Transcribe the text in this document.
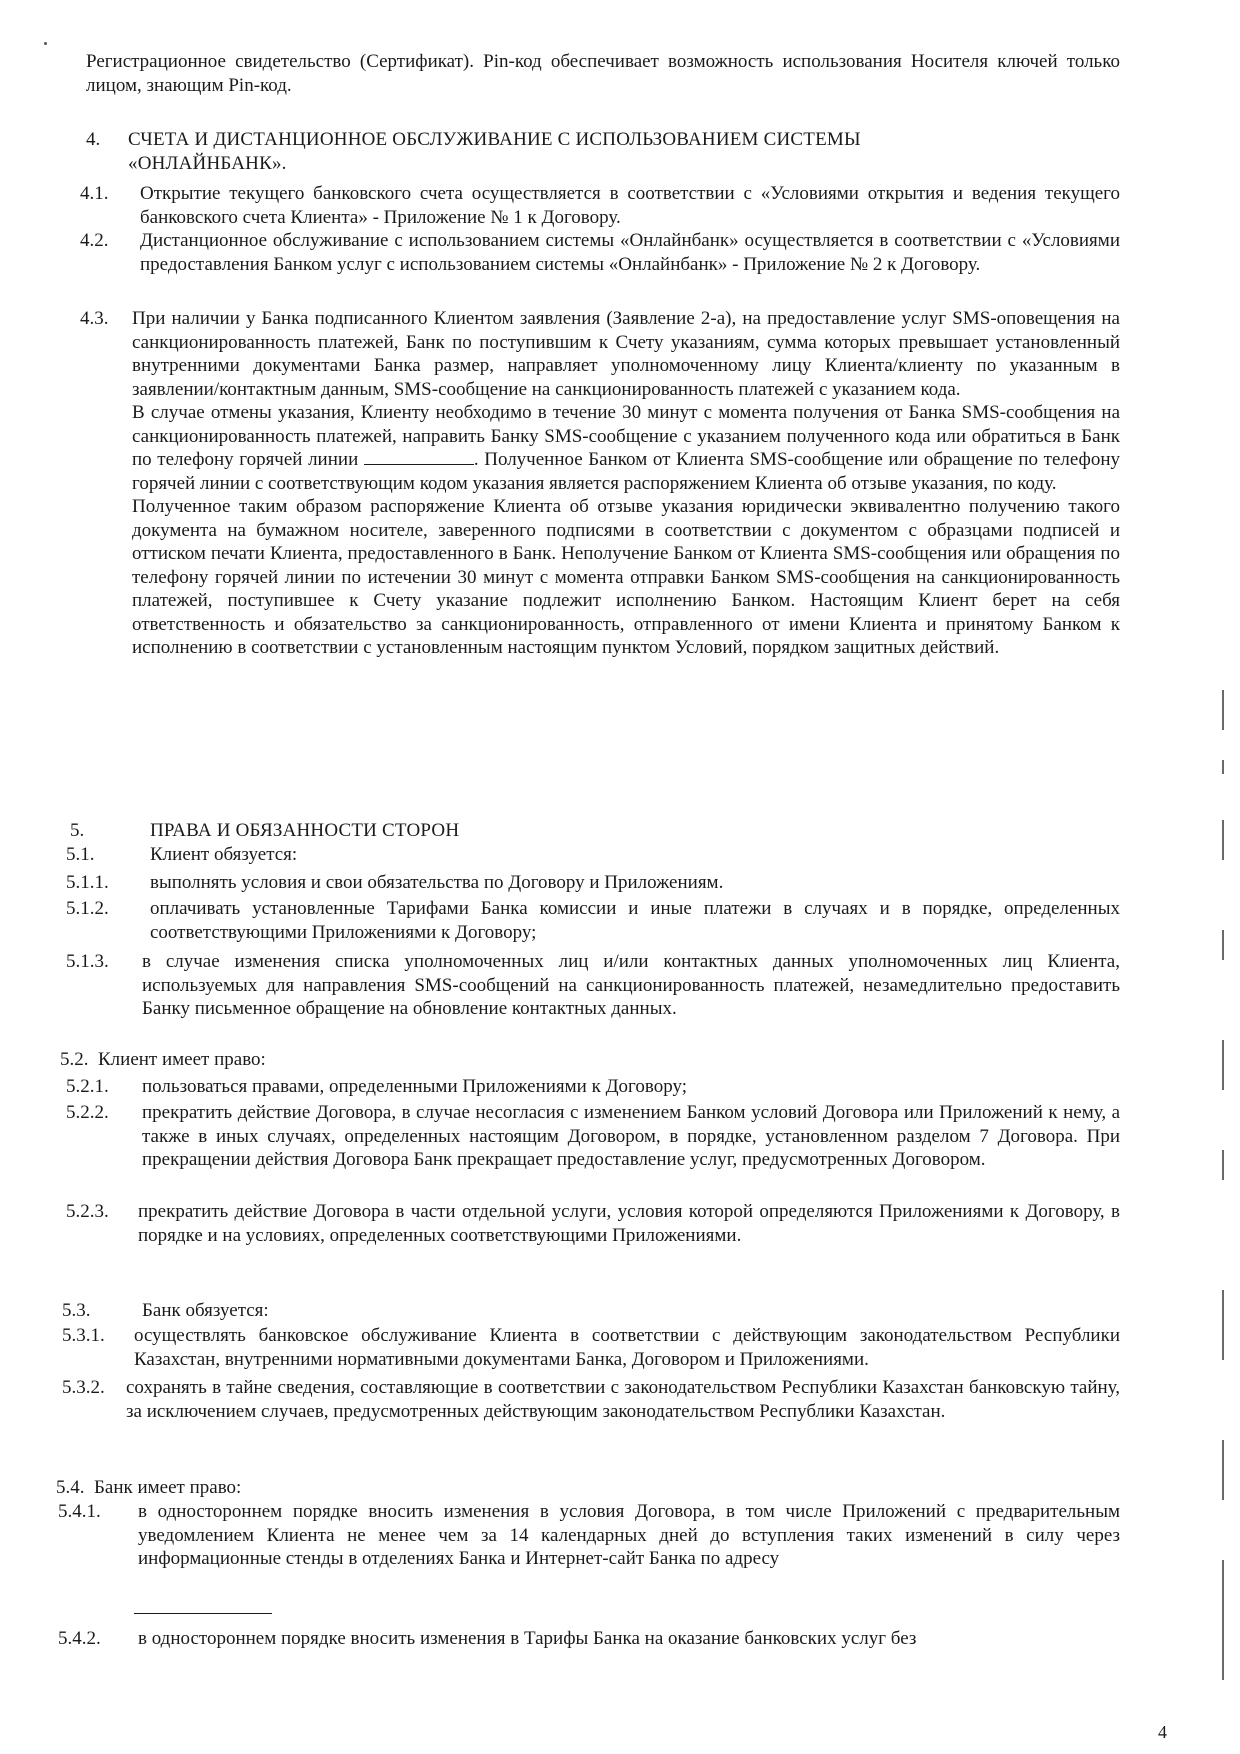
Регистрационное свидетельство (Сертификат). Pin-код обеспечивает возможность использования Носителя ключей только лицом, знающим Pin-код.
4.	СЧЕТА И ДИСТАНЦИОННОЕ ОБСЛУЖИВАНИЕ С ИСПОЛЬЗОВАНИЕМ СИСТЕМЫ «ОНЛАЙНБАНК».
4.1.	Открытие текущего банковского счета осуществляется в соответствии с «Условиями открытия и ведения текущего банковского счета Клиента» - Приложение № 1 к Договору.
4.2.	Дистанционное обслуживание с использованием системы «Онлайнбанк» осуществляется в соответствии с «Условиями предоставления Банком услуг с использованием системы «Онлайнбанк» - Приложение № 2 к Договору.
4.3.	При наличии у Банка подписанного Клиентом заявления (Заявление 2-а), на предоставление услуг SMS-оповещения на санкционированность платежей, Банк по поступившим к Счету указаниям, сумма которых превышает установленный внутренними документами Банка размер, направляет уполномоченному лицу Клиента/клиенту по указанным в заявлении/контактным данным, SMS-сообщение на санкционированность платежей с указанием кода.

В случае отмены указания, Клиенту необходимо в течение 30 минут с момента получения от Банка SMS-сообщения на санкционированность платежей, направить Банку SMS-сообщение с указанием полученного кода или обратиться в Банк по телефону горячей линии	. Полученное Банком от Клиента SMS-сообщение или обращение по телефону горячей линии с соответствующим кодом указания является распоряжением Клиента об отзыве указания, по коду.

Полученное таким образом распоряжение Клиента об отзыве указания юридически эквивалентно получению такого документа на бумажном носителе, заверенного подписями в соответствии с документом с образцами подписей и оттиском печати Клиента, предоставленного в Банк. Неполучение Банком от Клиента SMS-сообщения или обращения по телефону горячей линии по истечении 30 минут с момента отправки Банком SMS-сообщения на санкционированность платежей, поступившее к Счету указание подлежит исполнению Банком. Настоящим Клиент берет на себя ответственность и обязательство за санкционированность, отправленного от имени Клиента и принятому Банком к исполнению в соответствии с установленным настоящим пунктом Условий, порядком защитных действий.

5.	ПРАВА И ОБЯЗАННОСТИ СТОРОН
5.1.	Клиент обязуется:
5.1.1.	выполнять условия и свои обязательства по Договору и Приложениям.
5.1.2.	оплачивать установленные Тарифами Банка комиссии и иные платежи в случаях и в порядке, определенных соответствующими Приложениями к Договору;
5.1.3.	в случае изменения списка уполномоченных лиц и/или контактных данных уполномоченных лиц Клиента, используемых для направления SMS-сообщений на санкционированность платежей, незамедлительно предоставить Банку письменное обращение на обновление контактных данных.
5.2.  Клиент имеет право:
5.2.1.	пользоваться правами, определенными Приложениями к Договору;
5.2.2.	прекратить действие Договора, в случае несогласия с изменением Банком условий Договора или Приложений к нему, а также в иных случаях, определенных настоящим Договором, в порядке, установленном разделом 7 Договора. При прекращении действия Договора Банк прекращает предоставление услуг, предусмотренных Договором.
5.2.3.	прекратить действие Договора в части отдельной услуги, условия которой определяются Приложениями к Договору, в порядке и на условиях, определенных соответствующими Приложениями.
5.3.	Банк обязуется:
5.3.1.	осуществлять банковское обслуживание Клиента в соответствии с действующим законодательством Республики Казахстан, внутренними нормативными документами Банка, Договором и Приложениями.
5.3.2.	сохранять в тайне сведения, составляющие в соответствии с законодательством Республики Казахстан банковскую тайну, за исключением случаев, предусмотренных действующим законодательством Республики Казахстан.
5.4.  Банк имеет право:
5.4.1.	в одностороннем порядке вносить изменения в условия Договора, в том числе Приложений с предварительным уведомлением Клиента не менее чем за 14 календарных дней до вступления таких изменений в силу через информационные стенды в отделениях Банка и Интернет-сайт Банка по адресу
5.4.2.	в одностороннем порядке вносить изменения в Тарифы Банка на оказание банковских услуг без
4
